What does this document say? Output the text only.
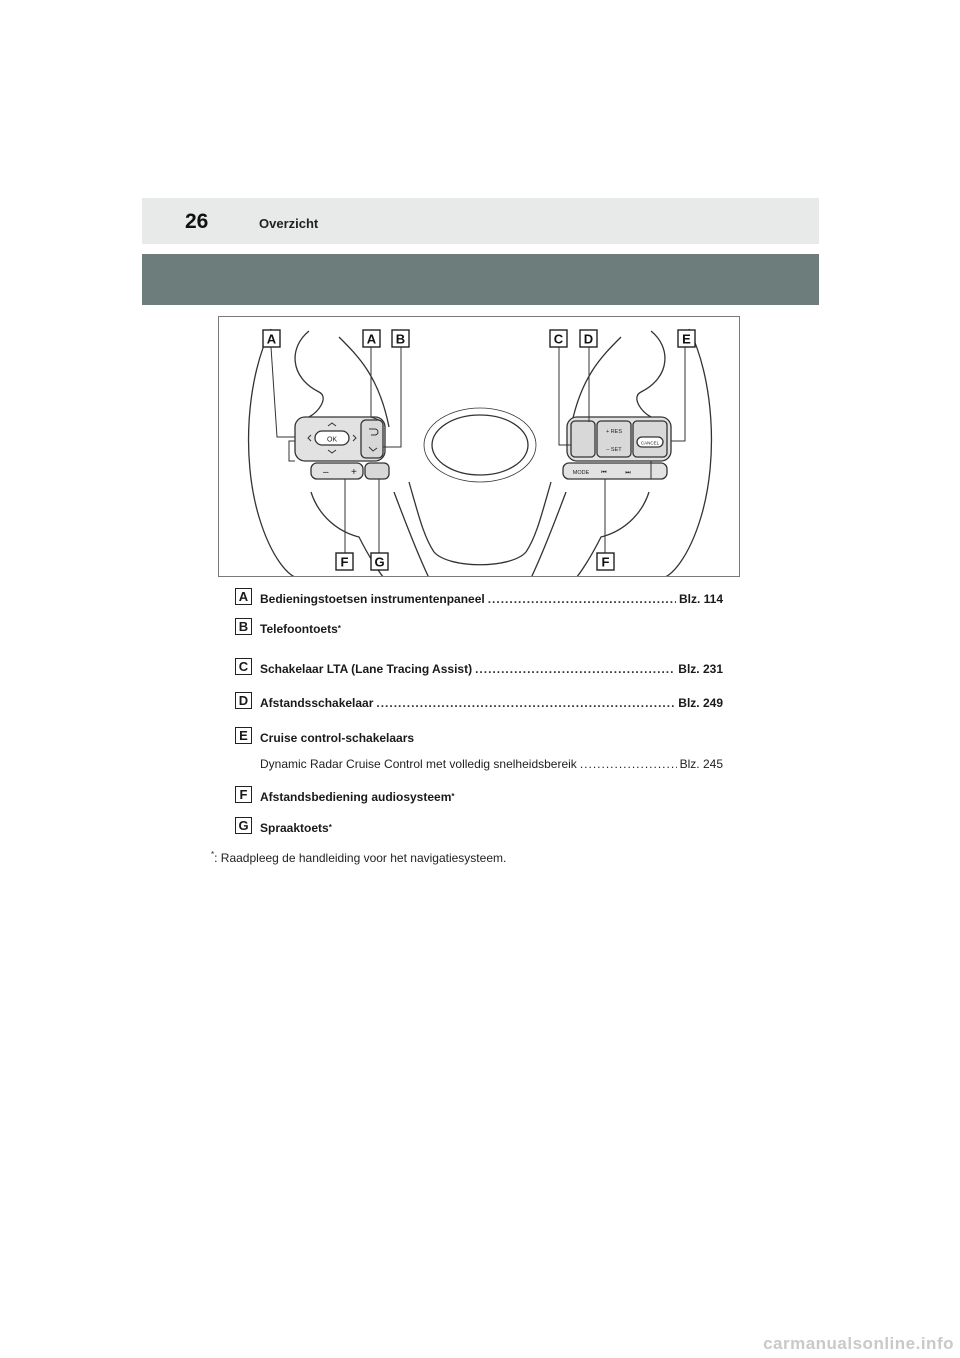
26	Overzicht
OK
– +
+ RES
– SET
CANCEL
MODE ⏮	⏭
A	A B	C D	E
F G	F
A Bedieningstoetsen instrumentenpaneel .....	Blz. 114
B Telefoontoets*
C Schakelaar LTA (Lane Tracing Assist) .....	Blz. 231
D Afstandsschakelaar .....	Blz. 249
E	Cruise control-schakelaars
Dynamic Radar Cruise Control met volledig snelheidsbereik .....	Blz. 245
F	Afstandsbediening audiosysteem*
G Spraaktoets*
*: Raadpleeg de handleiding voor het navigatiesysteem.
carmanualsonline.info
